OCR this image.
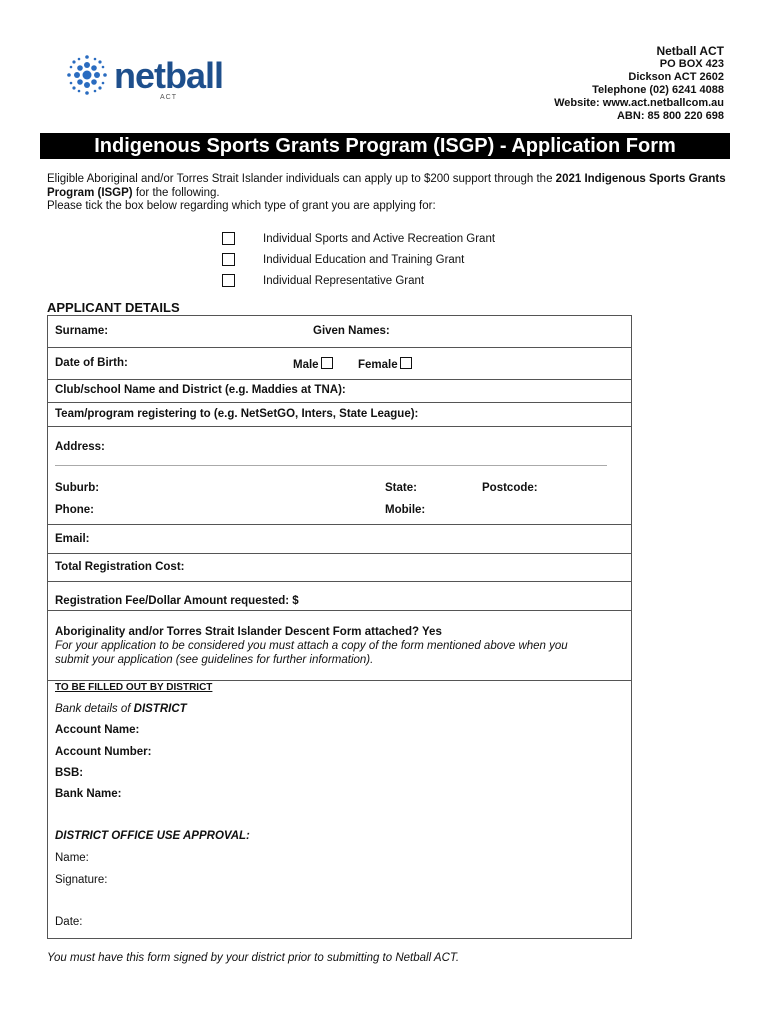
netball
ACT
Netball ACT
PO BOX 423
Dickson ACT 2602
Telephone (02) 6241 4088
Website: www.act.netballcom.au
ABN: 85 800 220 698
Indigenous Sports Grants Program (ISGP) - Application Form
Eligible Aboriginal and/or Torres Strait Islander individuals can apply up to $200 support through the 2021 Indigenous Sports Grants Program (ISGP) for the following.
Please tick the box below regarding which type of grant you are applying for:
Individual Sports and Active Recreation Grant
Individual Education and Training Grant
Individual Representative Grant
APPLICANT DETAILS
Surname:	Given Names:
Date of Birth:	Male	Female
Club/school Name and District (e.g. Maddies at TNA):
Team/program registering to (e.g. NetSetGO, Inters, State League):
Address:
Suburb:	State:	Postcode:
Phone:	Mobile:
Email:
Total Registration Cost:
Registration Fee/Dollar Amount requested: $
Aboriginality and/or Torres Strait Islander Descent Form attached? Yes
For your application to be considered you must attach a copy of the form mentioned above when you
submit your application (see guidelines for further information).
TO BE FILLED OUT BY DISTRICT
Bank details of DISTRICT
Account Name:
Account Number:
BSB:
Bank Name:
DISTRICT OFFICE USE APPROVAL:
Name:
Signature:
Date:
You must have this form signed by your district prior to submitting to Netball ACT.
